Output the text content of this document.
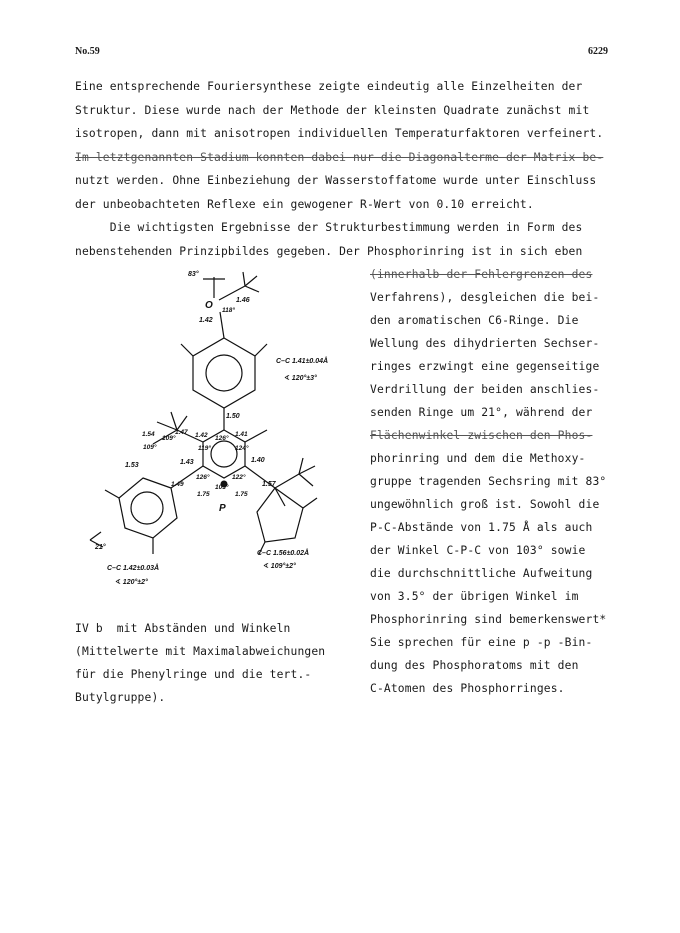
No.59	6229
Eine entsprechende Fouriersynthese zeigte eindeutig alle Einzelheiten der
Struktur. Diese wurde nach der Methode der kleinsten Quadrate zunächst mit
isotropen, dann mit anisotropen individuellen Temperaturfaktoren verfeinert.
Im letztgenannten Stadium konnten dabei nur die Diagonalterme der Matrix be-
nutzt werden. Ohne Einbeziehung der Wasserstoffatome wurde unter Einschluss
der unbeobachteten Reflexe ein gewogener R-Wert von 0.10 erreicht.
Die wichtigsten Ergebnisse der Strukturbestimmung werden in Form des
nebenstehenden Prinzipbildes gegeben. Der Phosphorinring ist in sich eben
(innerhalb der Fehlergrenzen des
Verfahrens), desgleichen die bei-
den aromatischen C6-Ringe. Die
Wellung des dihydrierten Sechser-
ringes erzwingt eine gegenseitige
Verdrillung der beiden anschlies-
senden Ringe um 21°, während der
Flächenwinkel zwischen den Phos-
phorinring und dem die Methoxy-
gruppe tragenden Sechsring mit 83°
ungewöhnlich groß ist. Sowohl die
P-C-Abstände von 1.75 Å als auch
der Winkel C-P-C von 103° sowie
die durchschnittliche Aufweitung
von 3.5° der übrigen Winkel im
Phosphorinring sind bemerkenswert*
Sie sprechen für eine p -p -Bin-
dung des Phosphoratoms mit den
C-Atomen des Phosphorringes.
IV b  mit Abständen und Winkeln
(Mittelwerte mit Maximalabweichungen
für die Phenylringe und die tert.-
Butylgruppe).
83°
O	1.46
118°
1.42
C–C 1.41±0.04Å
∢ 120°±3°
1.50
1.54
109°
1.47 1.42 126°
1.41
109°	119°	124°
1.53	1.43	1.40
1.49
126°	122°
103°
1.75	1.75
1.57
P
21°
C–C 1.42±0.03Å
∢ 120°±2°
C–C 1.56±0.02Å
∢ 109°±2°
